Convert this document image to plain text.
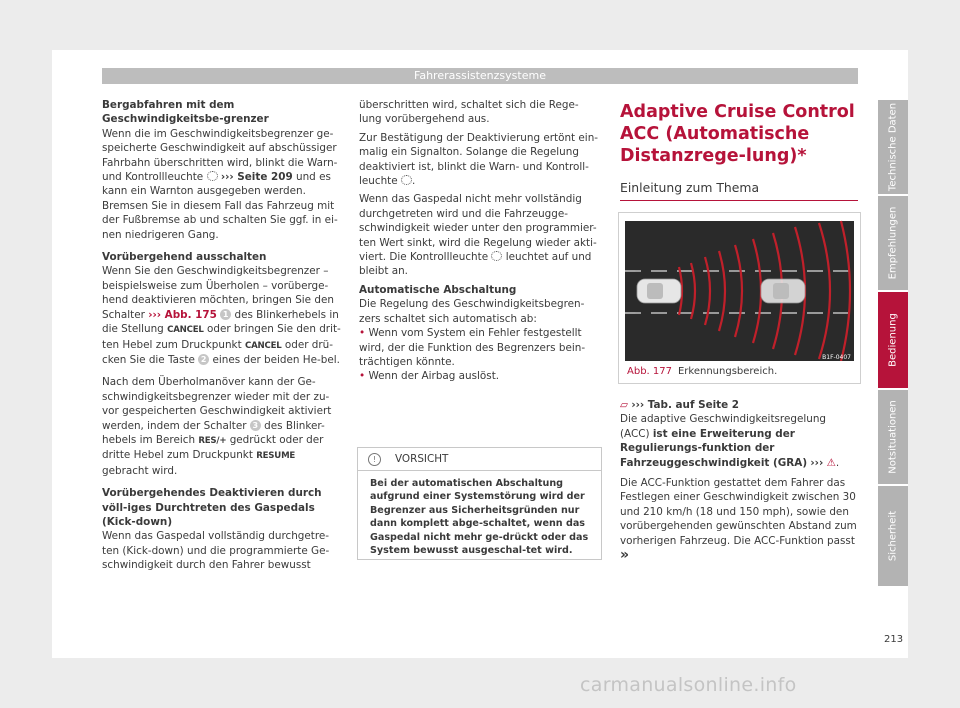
Fahrerassistenzsysteme

Bergabfahren mit dem Geschwindigkeitsbe-grenzer

Wenn die im Geschwindigkeitsbegrenzer ge-speicherte Geschwindigkeit auf abschüssiger Fahrbahn überschritten wird, blinkt die Warn-und Kontrollleuchte ››› Seite 209 und es kann ein Warnton ausgegeben werden. Bremsen Sie in diesem Fall das Fahrzeug mit der Fußbremse ab und schalten Sie ggf. in ei-nen niedrigeren Gang.

Vorübergehend ausschalten

Wenn Sie den Geschwindigkeitsbegrenzer – beispielsweise zum Überholen – vorüberge-hend deaktivieren möchten, bringen Sie den Schalter ››› Abb. 175 1 des Blinkerhebels in die Stellung CANCEL oder bringen Sie den drit-ten Hebel zum Druckpunkt CANCEL oder drü-cken Sie die Taste 2 eines der beiden He-bel.

Nach dem Überholmanöver kann der Ge-schwindigkeitsbegrenzer wieder mit der zu-vor gespeicherten Geschwindigkeit aktiviert werden, indem der Schalter 3 des Blinker-hebels im Bereich RES/+ gedrückt oder der dritte Hebel zum Druckpunkt RESUME gebracht wird.

Vorübergehendes Deaktivieren durch völl-iges Durchtreten des Gaspedals (Kick-down)

Wenn das Gaspedal vollständig durchgetre-ten (Kick-down) und die programmierte Ge-schwindigkeit durch den Fahrer bewusst

überschritten wird, schaltet sich die Rege-lung vorübergehend aus.

Zur Bestätigung der Deaktivierung ertönt ein-malig ein Signalton. Solange die Regelung deaktiviert ist, blinkt die Warn- und Kontroll-leuchte .

Wenn das Gaspedal nicht mehr vollständig durchgetreten wird und die Fahrzeugge-schwindigkeit wieder unter den programmier-ten Wert sinkt, wird die Regelung wieder akti-viert. Die Kontrollleuchte leuchtet auf und bleibt an.

Automatische Abschaltung

Die Regelung des Geschwindigkeitsbegren-zers schaltet sich automatisch ab:

• Wenn vom System ein Fehler festgestellt wird, der die Funktion des Begrenzers bein-trächtigen könnte.

• Wenn der Airbag auslöst.

! VORSICHT
Bei der automatischen Abschaltung aufgrund einer Systemstörung wird der Begrenzer aus Sicherheitsgründen nur dann komplett abge-schaltet, wenn das Gaspedal nicht mehr ge-drückt oder das System bewusst ausgeschal-tet wird.
Adaptive Cruise Control ACC (Automatische Distanzrege-lung)*
Einleitung zum Thema
B1F-0407
Abb. 177 Erkennungsbereich.

▱ ››› Tab. auf Seite 2

Die adaptive Geschwindigkeitsregelung (ACC) ist eine Erweiterung der Regulierungs-funktion der Fahrzeuggeschwindigkeit (GRA) ››› ⚠.

Die ACC-Funktion gestattet dem Fahrer das Festlegen einer Geschwindigkeit zwischen 30 und 210 km/h (18 und 150 mph), sowie den vorübergehenden gewünschten Abstand zum vorherigen Fahrzeug. Die ACC-Funktion passt »

Technische Daten
Empfehlungen
Bedienung
Notsituationen
Sicherheit
213
carmanualsonline.info
